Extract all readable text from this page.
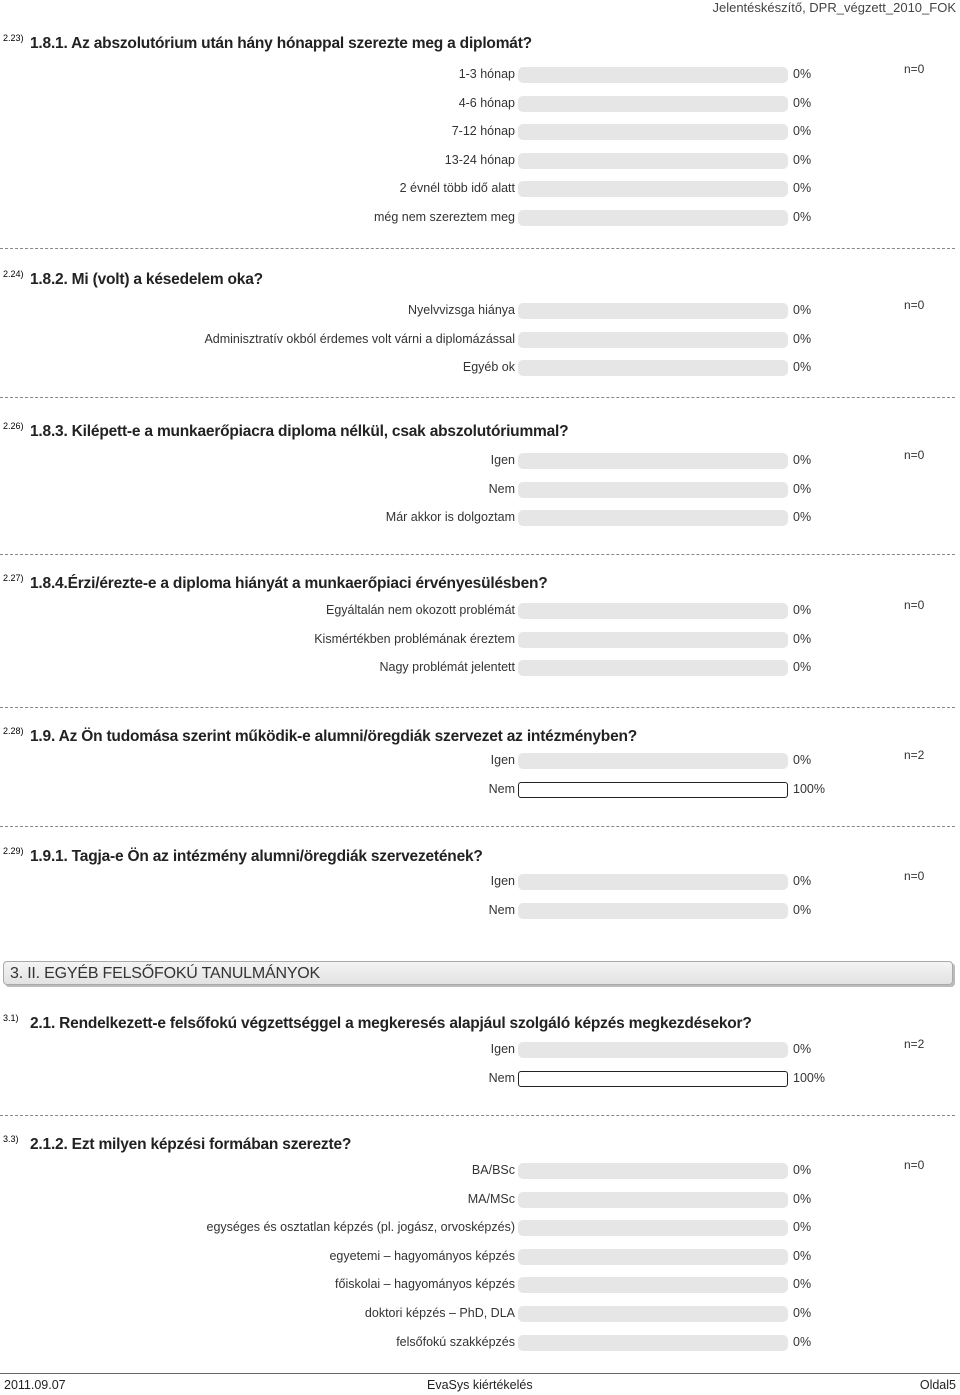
Jelentéskészítő, DPR_végzett_2010_FOK
2.23) 1.8.1. Az abszolutórium után hány hónappal szerezte meg a diplomát?
n=0
1-3 hónap	0%
4-6 hónap	0%
7-12 hónap	0%
13-24 hónap	0%
2 évnél több idő alatt	0%
még nem szereztem meg	0%
2.24) 1.8.2. Mi (volt) a késedelem oka?
n=0
Nyelvvizsga hiánya	0%
Adminisztratív okból érdemes volt várni a diplomázással	0%
Egyéb ok	0%
2.26) 1.8.3. Kilépett-e a munkaerőpiacra diploma nélkül, csak abszolutóriummal?
n=0
Igen	0%
Nem	0%
Már akkor is dolgoztam	0%
2.27) 1.8.4.Érzi/érezte-e a diploma hiányát a munkaerőpiaci érvényesülésben?
n=0
Egyáltalán nem okozott problémát	0%
Kismértékben problémának éreztem	0%
Nagy problémát jelentett	0%
2.28) 1.9. Az Ön tudomása szerint működik-e alumni/öregdiák szervezet az intézményben?
n=2
Igen	0%
Nem	100%
2.29) 1.9.1. Tagja-e Ön az intézmény alumni/öregdiák szervezetének?
n=0
Igen	0%
Nem	0%
3.1) 2.1. Rendelkezett-e felsőfokú végzettséggel a megkeresés alapjául szolgáló képzés megkezdésekor?
n=2
Igen	0%
Nem	100%
3.3) 2.1.2. Ezt milyen képzési formában szerezte?
n=0
BA/BSc	0%
MA/MSc	0%
egységes és osztatlan képzés (pl. jogász, orvosképzés)	0%
egyetemi – hagyományos képzés	0%
főiskolai – hagyományos képzés	0%
doktori képzés – PhD, DLA	0%
felsőfokú szakképzés	0%
3. II. EGYÉB FELSŐFOKÚ TANULMÁNYOK
2011.09.07	EvaSys kiértékelés	Oldal5
